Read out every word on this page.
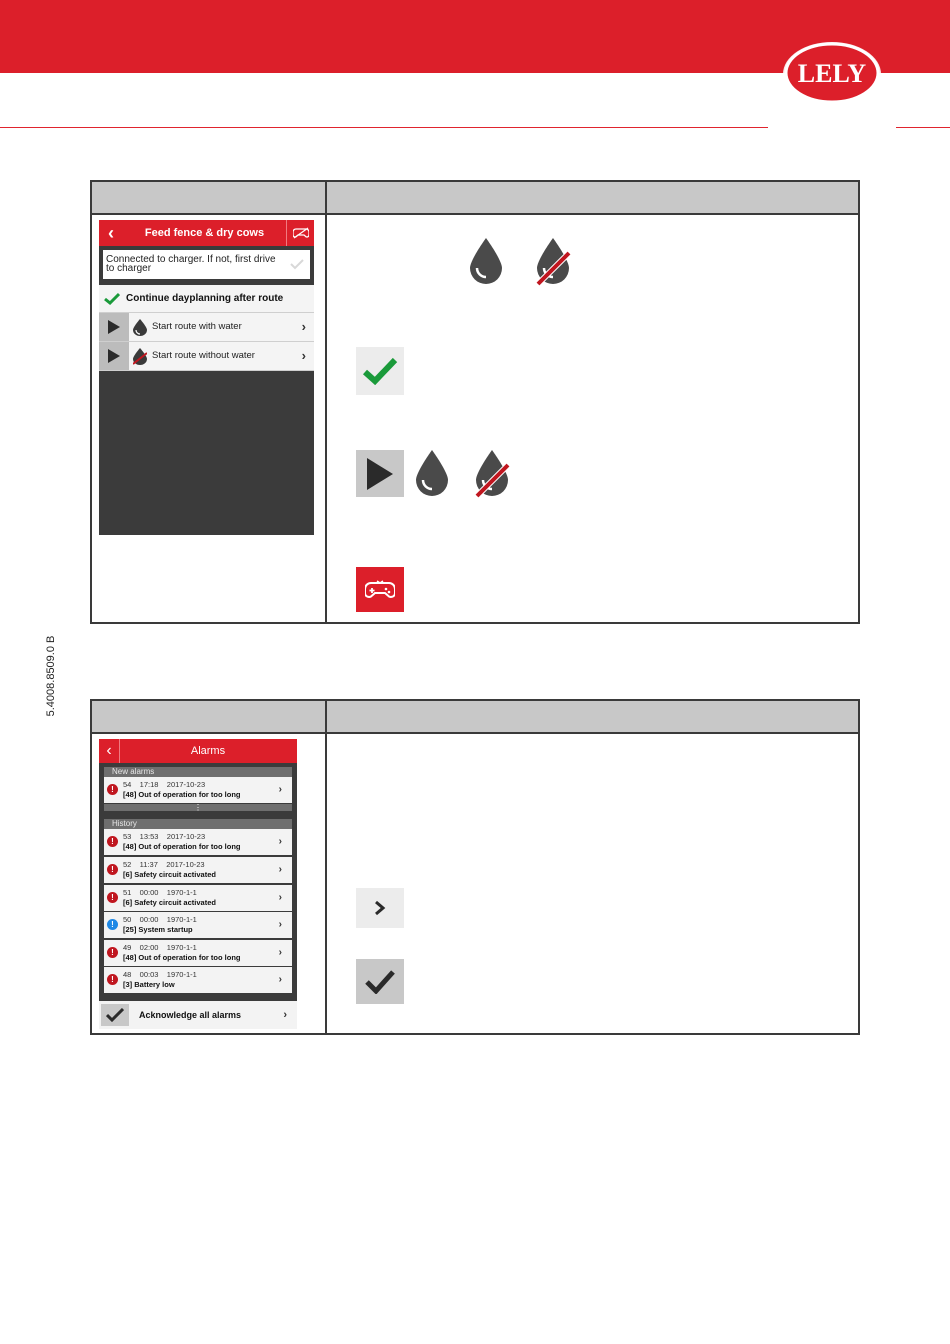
LELY
5.4008.8509.0 B
‹	Feed fence & dry cows
Connected to charger. If not, first drive to charger
Continue dayplanning after route
Start route with water	›
Start route without water	›
‹	Alarms
New alarms
!
54    17:18    2017-10-23
[48] Out of operation for too long	›
⋮
History
!
53    13:53    2017-10-23
[48] Out of operation for too long	›
!
52    11:37    2017-10-23
[6] Safety circuit activated	›
!
51    00:00    1970-1-1
[6] Safety circuit activated	›
!
50    00:00    1970-1-1
[25] System startup	›
!
49    02:00    1970-1-1
[48] Out of operation for too long	›
!
48    00:03    1970-1-1
[3] Battery low	›
Acknowledge all alarms	›
